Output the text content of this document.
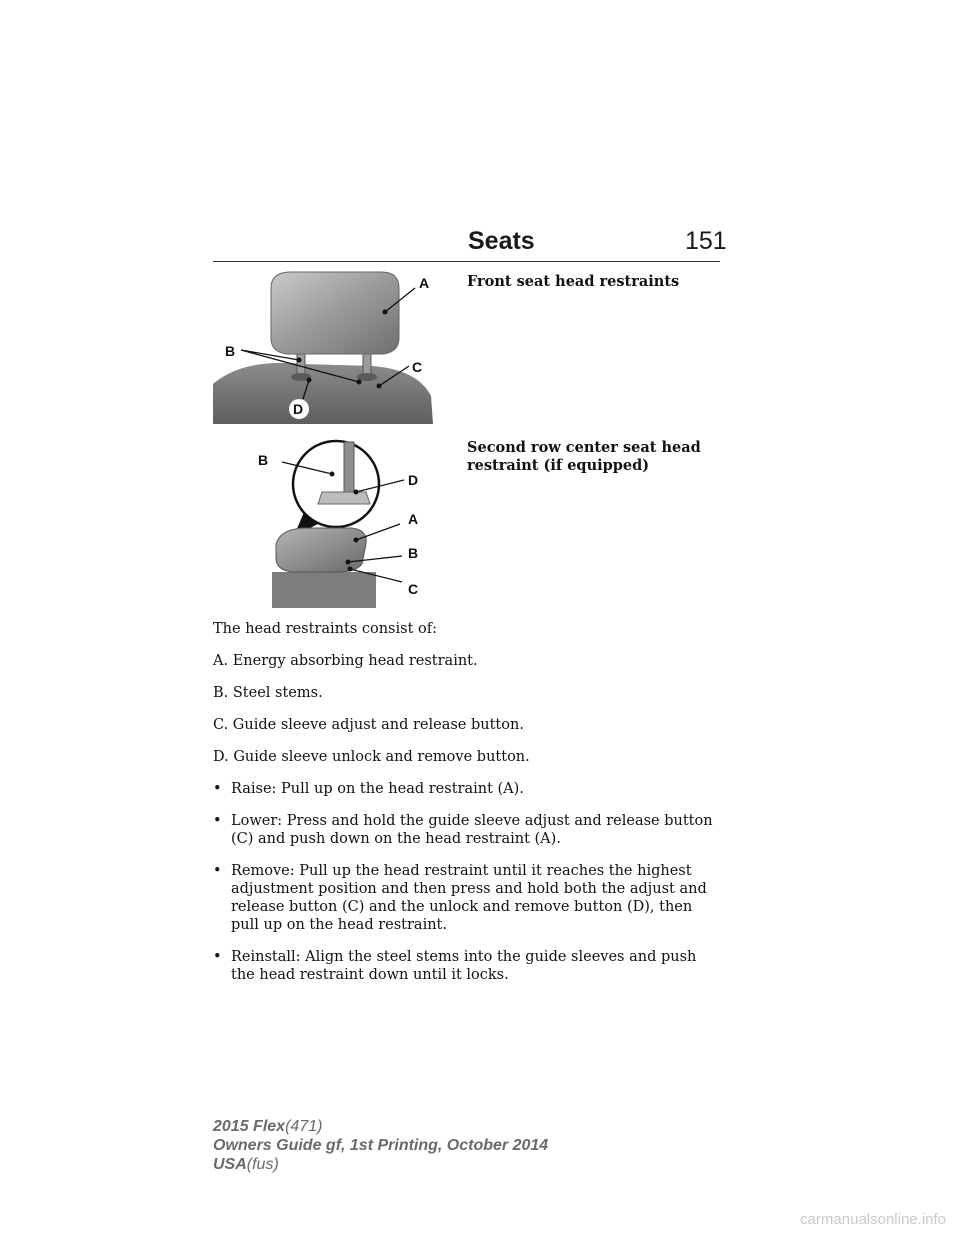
Seats	151
A
B
C
D
Front seat head restraints
B
D
A
B
C
Second row center seat head restraint (if equipped)

The head restraints consist of:

A. Energy absorbing head restraint.

B. Steel stems.

C. Guide sleeve adjust and release button.

D. Guide sleeve unlock and remove button.

• Raise: Pull up on the head restraint (A).
• Lower: Press and hold the guide sleeve adjust and release button (C) and push down on the head restraint (A).
• Remove: Pull up the head restraint until it reaches the highest adjustment position and then press and hold both the adjust and release button (C) and the unlock and remove button (D), then pull up on the head restraint.
• Reinstall: Align the steel stems into the guide sleeves and push the head restraint down until it locks.
2015 Flex(471)
Owners Guide gf, 1st Printing, October 2014
USA(fus)
carmanualsonline.info
